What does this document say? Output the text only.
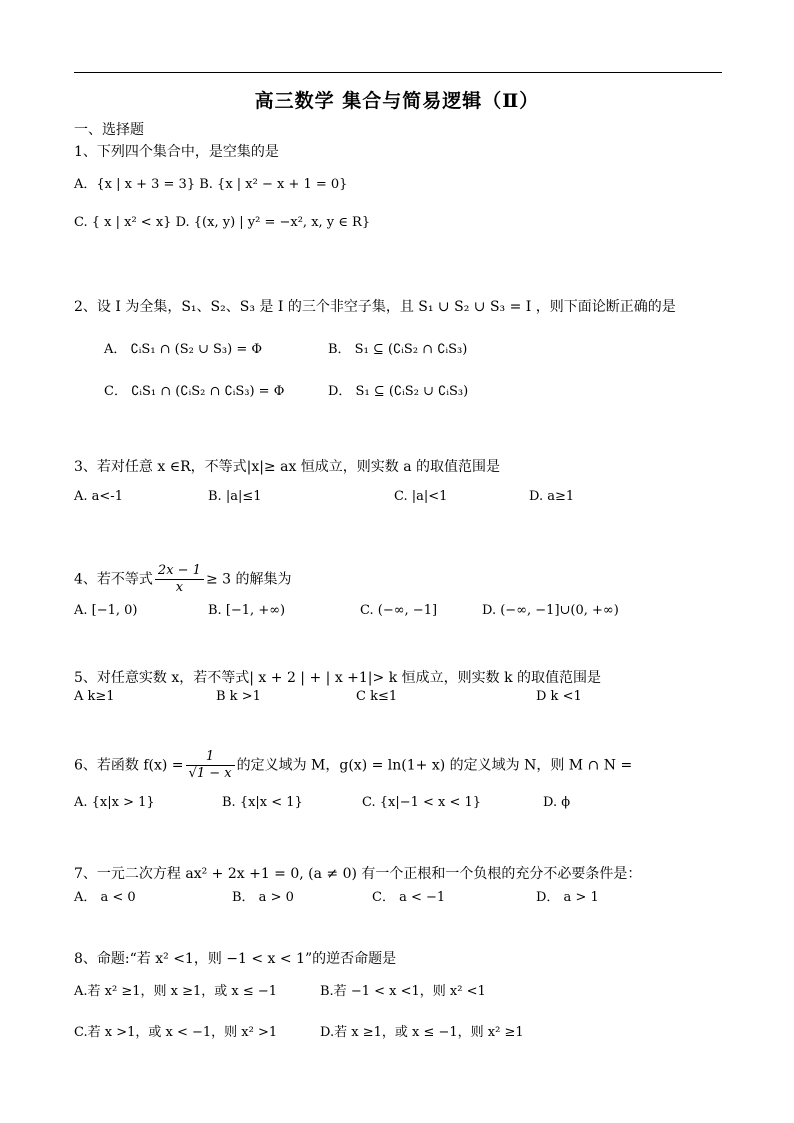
高三数学 集合与简易逻辑（Ⅱ）
一、选择题
1、下列四个集合中，是空集的是
A．{x | x + 3 = 3} B. {x | x² − x + 1 = 0}
C. { x | x² < x} D. {(x, y) | y² = −x², x, y ∈ R}
2、设 I 为全集，S₁、S₂、S₃ 是 I 的三个非空子集，且 S₁ ∪ S₂ ∪ S₃ = I ，则下面论断正确的是
A． ∁ᵢS₁ ∩ (S₂ ∪ S₃) = Φ	B． S₁ ⊆ (∁ᵢS₂ ∩ ∁ᵢS₃)
C． ∁ᵢS₁ ∩ (∁ᵢS₂ ∩ ∁ᵢS₃) = Φ	D． S₁ ⊆ (∁ᵢS₂ ∪ ∁ᵢS₃)
3、若对任意 x ∈R，不等式|x|≥ ax 恒成立，则实数 a 的取值范围是
A. a<-1	B. |a|≤1	C. |a|<1	D. a≥1
4、若不等式 $\frac{2x - 1}{x} \ge 3$ 的解集为
A. [−1, 0)	B. [−1, +∞)	C. (−∞, −1]	D. (−∞, −1]∪(0, +∞)
5、对任意实数 x，若不等式| x + 2 | + | x +1|> k 恒成立，则实数 k 的取值范围是
A k≥1	B k >1	C k≤1	D k <1
6、若函数 $f(x) = \frac{1}{√1 - x}$ 的定义域为 M，g(x) = ln(1+ x) 的定义域为 N，则 M ∩ N =
A. {x|x > 1}	B. {x|x < 1}	C. {x|−1 < x < 1}	D. ϕ
7、一元二次方程 ax² + 2x +1 = 0, (a ≠ 0) 有一个正根和一个负根的充分不必要条件是：
A． a < 0	B． a > 0	C． a < −1	D． a > 1
8、命题:“若 x² <1，则 −1 < x < 1”的逆否命题是
A.若 x² ≥1，则 x ≥1，或 x ≤ −1	B.若 −1 < x <1，则 x² <1
C.若 x >1，或 x < −1，则 x² >1	D.若 x ≥1，或 x ≤ −1，则 x² ≥1
